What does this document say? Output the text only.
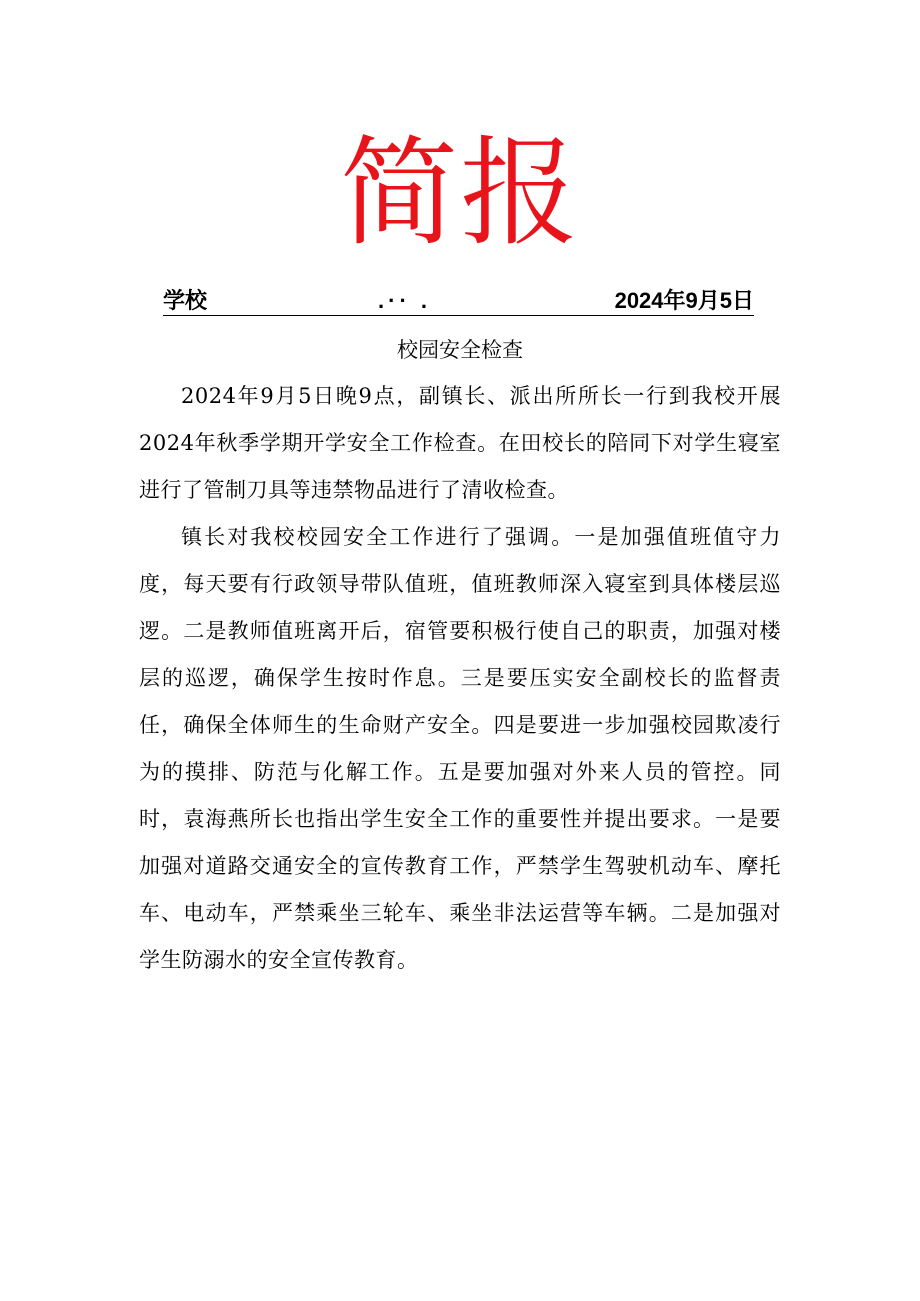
简报
学校	.·· .	2024年9月5日
校园安全检查

2024年9月5日晚9点，副镇长、派出所所长一行到我校开展2024年秋季学期开学安全工作检查。在田校长的陪同下对学生寝室进行了管制刀具等违禁物品进行了清收检查。

镇长对我校校园安全工作进行了强调。一是加强值班值守力度，每天要有行政领导带队值班，值班教师深入寝室到具体楼层巡逻。二是教师值班离开后，宿管要积极行使自己的职责，加强对楼层的巡逻，确保学生按时作息。三是要压实安全副校长的监督责任，确保全体师生的生命财产安全。四是要进一步加强校园欺凌行为的摸排、防范与化解工作。五是要加强对外来人员的管控。同时，袁海燕所长也指出学生安全工作的重要性并提出要求。一是要加强对道路交通安全的宣传教育工作，严禁学生驾驶机动车、摩托车、电动车，严禁乘坐三轮车、乘坐非法运营等车辆。二是加强对学生防溺水的安全宣传教育。
